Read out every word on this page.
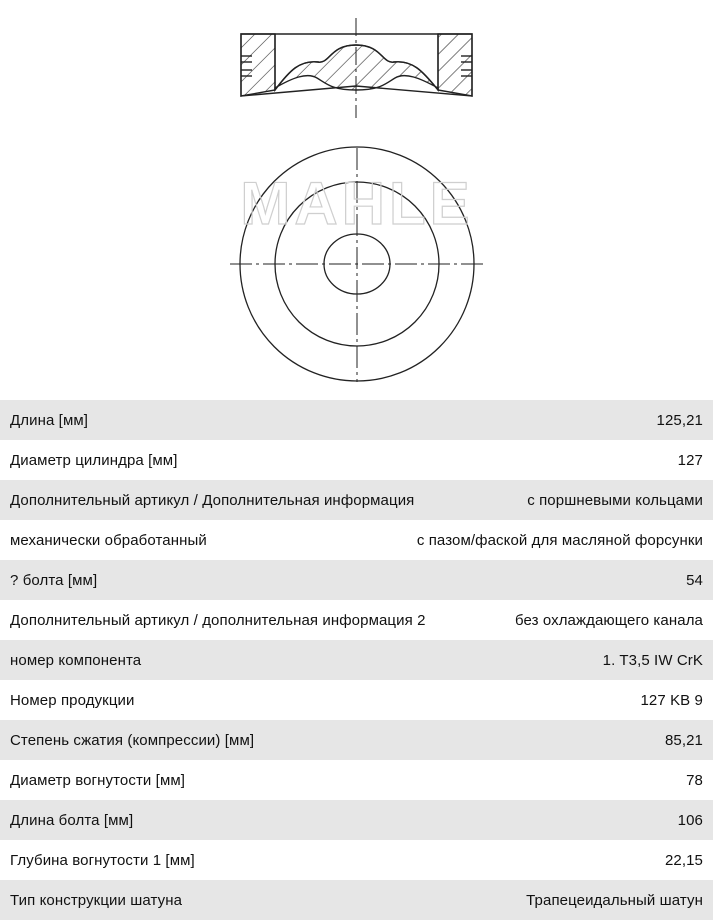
MAHLE
Длина [мм]	125,21
Диаметр цилиндра [мм]	127
Дополнительный артикул / Дополнительная информация	с поршневыми кольцами
механически обработанный	с пазом/фаской для масляной форсунки
? болта [мм]	54
Дополнительный артикул / дополнительная информация 2	без охлаждающего канала
номер компонента	1. T3,5 IW CrK
Номер продукции	127 KB 9
Степень сжатия (компрессии) [мм]	85,21
Диаметр вогнутости [мм]	78
Длина болта [мм]	106
Глубина вогнутости 1 [мм]	22,15
Тип конструкции шатуна	Трапецеидальный шатун
